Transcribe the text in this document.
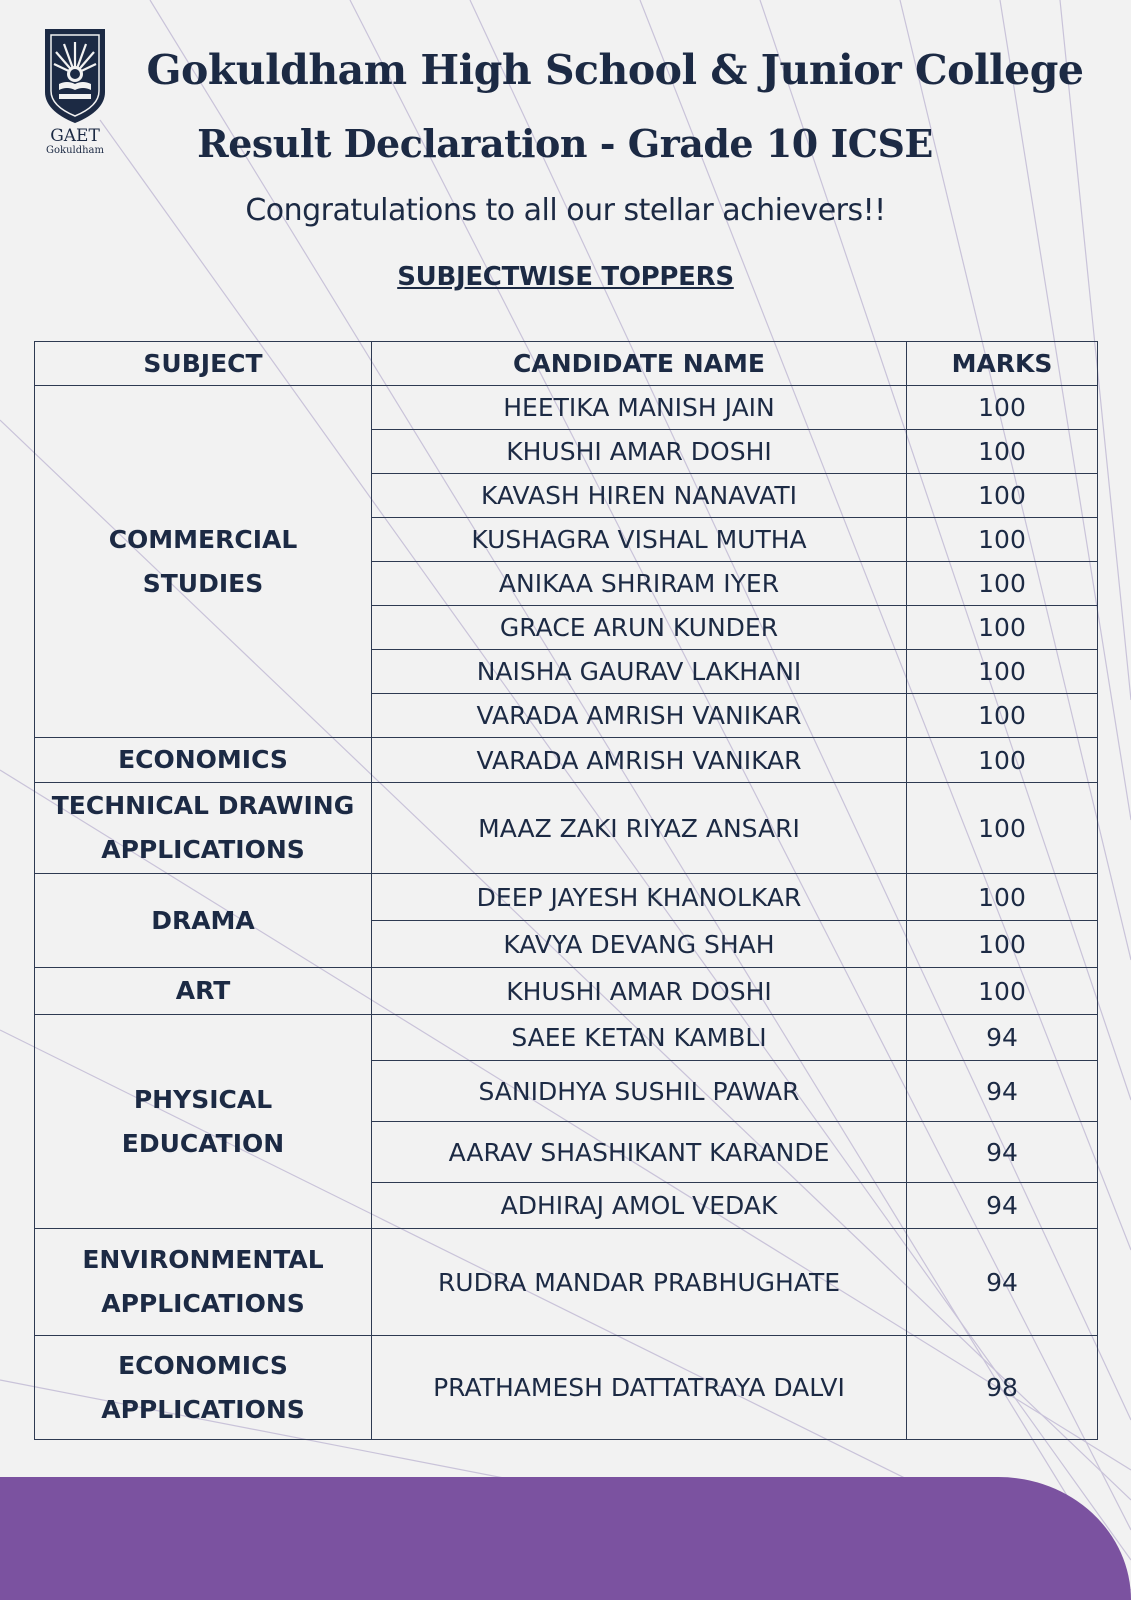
GAET
Gokuldham
Gokuldham High School & Junior College
Result Declaration - Grade 10 ICSE
Congratulations to all our stellar achievers!!
SUBJECTWISE TOPPERS
SUBJECT	CANDIDATE NAME	MARKS

COMMERCIAL
STUDIES	HEETIKA MANISH JAIN	100
	KHUSHI AMAR DOSHI	100
	KAVASH HIREN NANAVATI	100
	KUSHAGRA VISHAL MUTHA	100
	ANIKAA SHRIRAM IYER	100
	GRACE ARUN KUNDER	100
	NAISHA GAURAV LAKHANI	100
	VARADA AMRISH VANIKAR	100

ECONOMICS	VARADA AMRISH VANIKAR	100

TECHNICAL DRAWING
APPLICATIONS	MAAZ ZAKI RIYAZ ANSARI	100

DRAMA	DEEP JAYESH KHANOLKAR	100
	KAVYA DEVANG SHAH	100

ART	KHUSHI AMAR DOSHI	100

PHYSICAL
EDUCATION	SAEE KETAN KAMBLI	94
	SANIDHYA SUSHIL PAWAR	94
	AARAV SHASHIKANT KARANDE	94
	ADHIRAJ AMOL VEDAK	94

ENVIRONMENTAL
APPLICATIONS	RUDRA MANDAR PRABHUGHATE	94

ECONOMICS
APPLICATIONS	PRATHAMESH DATTATRAYA DALVI	98
